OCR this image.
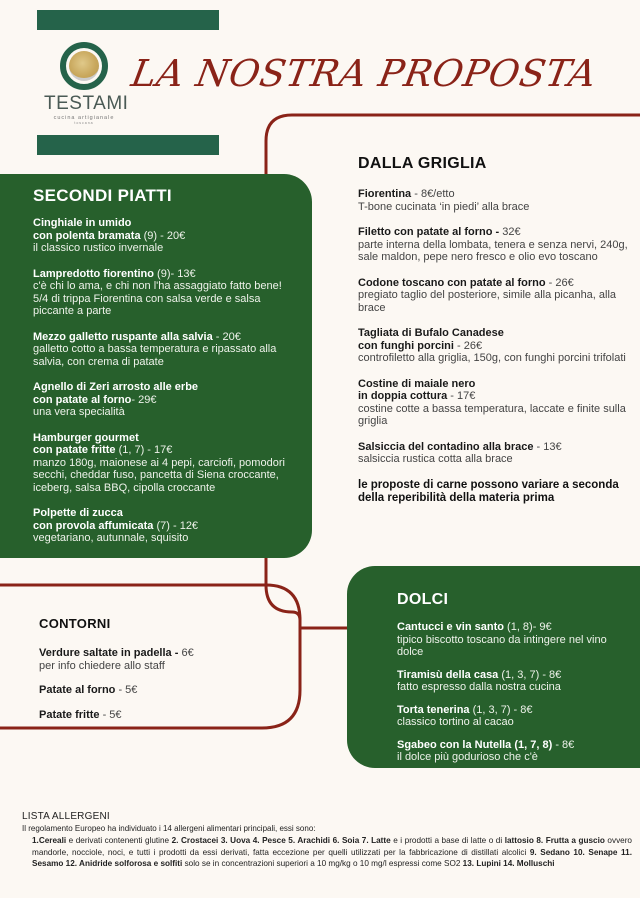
TESTAMI
cucina artigianale
toscana
LA NOSTRA PROPOSTA
SECONDI PIATTI
Cinghiale in umido
con polenta bramata (9) - 20€
il classico rustico invernale
Lampredotto fiorentino (9)- 13€
c'è chi lo ama, e chi non l'ha assaggiato fatto bene! 5/4 di trippa Fiorentina con salsa verde e salsa piccante a parte
Mezzo galletto ruspante alla salvia - 20€
galletto cotto a bassa temperatura e ripassato alla salvia, con crema di patate
Agnello di Zeri arrosto alle erbe
con patate al forno- 29€
una vera specialità
Hamburger gourmet
con patate fritte (1, 7) - 17€
manzo 180g, maionese ai 4 pepi, carciofi, pomodori secchi, cheddar fuso, pancetta di Siena croccante, iceberg, salsa BBQ, cipolla croccante
Polpette di zucca
con provola affumicata (7) - 12€
vegetariano, autunnale, squisito
DALLA GRIGLIA
Fiorentina - 8€/etto
T-bone cucinata ‘in piedi’ alla brace
Filetto con patate al forno - 32€
parte interna della lombata, tenera e senza nervi, 240g, sale maldon, pepe nero fresco e olio evo toscano
Codone toscano con patate al forno - 26€
pregiato taglio del posteriore, simile alla picanha, alla brace
Tagliata di Bufalo Canadese
con funghi porcini - 26€
controfiletto alla griglia, 150g, con funghi porcini trifolati
Costine di maiale nero
in doppia cottura - 17€
costine cotte a bassa temperatura, laccate e finite sulla griglia
Salsiccia del contadino alla brace - 13€
salsiccia rustica cotta alla brace
le proposte di carne possono variare a seconda della reperibilità della materia prima
CONTORNI
Verdure saltate in padella - 6€
per info chiedere allo staff
Patate al forno - 5€
Patate fritte - 5€
DOLCI
Cantucci e vin santo (1, 8)- 9€
tipico biscotto toscano da intingere nel vino dolce
Tiramisù della casa (1, 3, 7) - 8€
fatto espresso dalla nostra cucina
Torta tenerina (1, 3, 7) - 8€
classico tortino al cacao
Sgabeo con la Nutella (1, 7, 8) - 8€
il dolce più godurioso che c'è
LISTA ALLERGENI
Il regolamento Europeo ha individuato i 14 allergeni alimentari principali, essi sono:
1.Cereali e derivati contenenti glutine 2. Crostacei 3. Uova 4. Pesce 5. Arachidi 6. Soia 7. Latte e i prodotti a base di latte o di lattosio 8. Frutta a guscio ovvero mandorle, nocciole, noci, e tutti i prodotti da essi derivati, fatta eccezione per quelli utilizzati per la fabbricazione di distillati alcolici 9. Sedano 10. Senape 11. Sesamo 12. Anidride solforosa e solfiti solo se in concentrazioni superiori a 10 mg/kg o 10 mg/l espressi come SO2 13. Lupini 14. Molluschi
